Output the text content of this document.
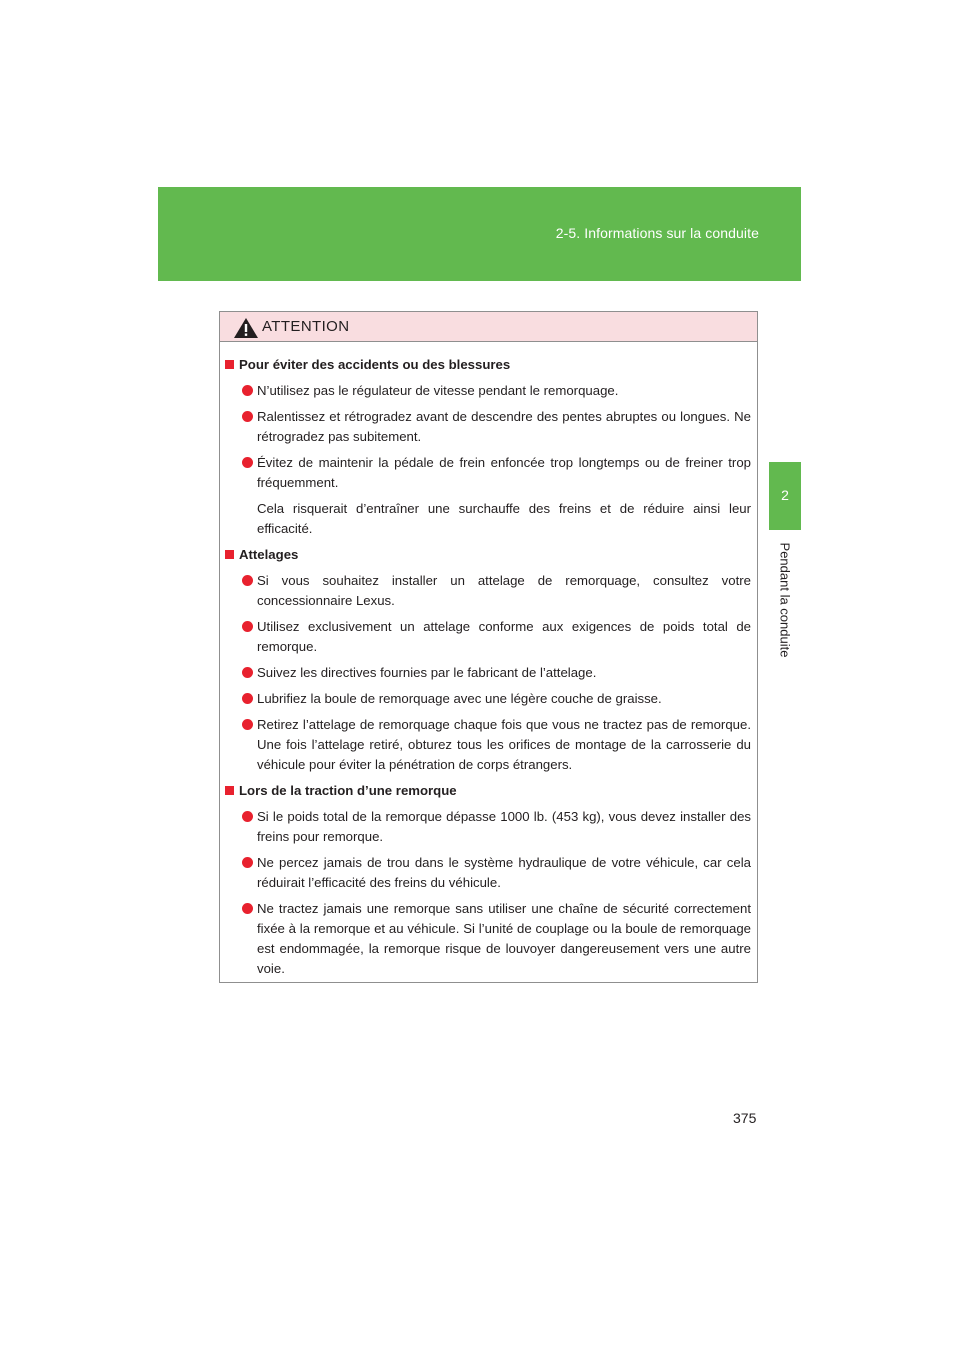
2-5. Informations sur la conduite
2
Pendant la conduite
ATTENTION
Pour éviter des accidents ou des blessures
N’utilisez pas le régulateur de vitesse pendant le remorquage.
Ralentissez et rétrogradez avant de descendre des pentes abruptes ou longues. Ne rétrogradez pas subitement.
Évitez de maintenir la pédale de frein enfoncée trop longtemps ou de freiner trop fréquemment.
Cela risquerait d’entraîner une surchauffe des freins et de réduire ainsi leur efficacité.
Attelages
Si vous souhaitez installer un attelage de remorquage, consultez votre concessionnaire Lexus.
Utilisez exclusivement un attelage conforme aux exigences de poids total de remorque.
Suivez les directives fournies par le fabricant de l’attelage.
Lubrifiez la boule de remorquage avec une légère couche de graisse.
Retirez l’attelage de remorquage chaque fois que vous ne tractez pas de remorque. Une fois l’attelage retiré, obturez tous les orifices de montage de la carrosserie du véhicule pour éviter la pénétration de corps étrangers.
Lors de la traction d’une remorque
Si le poids total de la remorque dépasse 1000 lb. (453 kg), vous devez installer des freins pour remorque.
Ne percez jamais de trou dans le système hydraulique de votre véhicule, car cela réduirait l’efficacité des freins du véhicule.
Ne tractez jamais une remorque sans utiliser une chaîne de sécurité correctement fixée à la remorque et au véhicule. Si l’unité de couplage ou la boule de remorquage est endommagée, la remorque risque de louvoyer dangereusement vers une autre voie.
375
